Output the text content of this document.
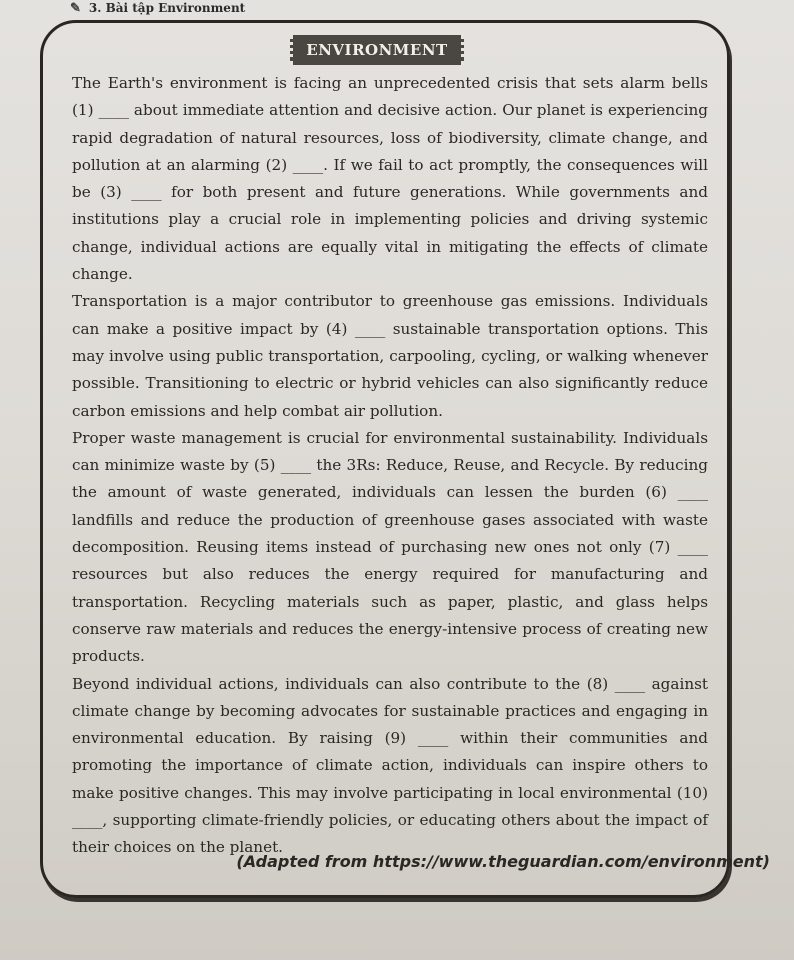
✎ 3. Bài tập Environment
ENVIRONMENT

The Earth's environment is facing an unprecedented crisis that sets alarm bells (1) ____ about immediate attention and decisive action. Our planet is experiencing rapid degradation of natural resources, loss of biodiversity, climate change, and pollution at an alarming (2) ____. If we fail to act promptly, the consequences will be (3) ____ for both present and future generations. While governments and institutions play a crucial role in implementing policies and driving systemic change, individual actions are equally vital in mitigating the effects of climate change.

Transportation is a major contributor to greenhouse gas emissions. Individuals can make a positive impact by (4) ____ sustainable transportation options. This may involve using public transportation, carpooling, cycling, or walking whenever possible. Transitioning to electric or hybrid vehicles can also significantly reduce carbon emissions and help combat air pollution.

Proper waste management is crucial for environmental sustainability. Individuals can minimize waste by (5) ____ the 3Rs: Reduce, Reuse, and Recycle. By reducing the amount of waste generated, individuals can lessen the burden (6) ____ landfills and reduce the production of greenhouse gases associated with waste decomposition. Reusing items instead of purchasing new ones not only (7) ____ resources but also reduces the energy required for manufacturing and transportation. Recycling materials such as paper, plastic, and glass helps conserve raw materials and reduces the energy-intensive process of creating new products.

Beyond individual actions, individuals can also contribute to the (8) ____ against climate change by becoming advocates for sustainable practices and engaging in environmental education. By raising (9) ____ within their communities and promoting the importance of climate action, individuals can inspire others to make positive changes. This may involve participating in local environmental (10) ____, supporting climate-friendly policies, or educating others about the impact of their choices on the planet.

(Adapted from https://www.theguardian.com/environment)
